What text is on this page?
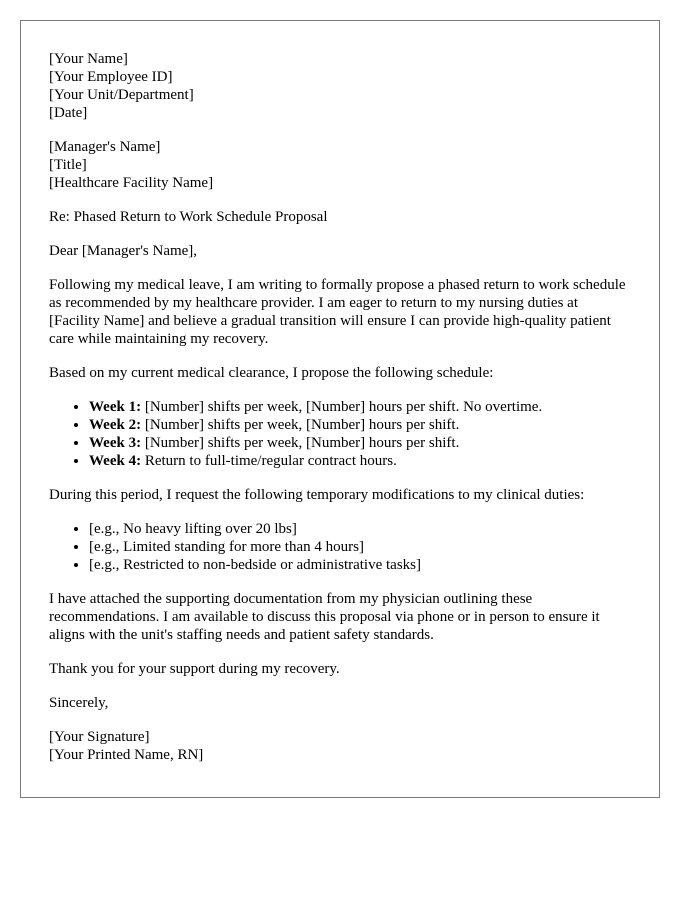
[Your Name]
[Your Employee ID]
[Your Unit/Department]
[Date]
[Manager's Name]
[Title]
[Healthcare Facility Name]

Re: Phased Return to Work Schedule Proposal

Dear [Manager's Name],

Following my medical leave, I am writing to formally propose a phased return to work schedule as recommended by my healthcare provider. I am eager to return to my nursing duties at [Facility Name] and believe a gradual transition will ensure I can provide high-quality patient care while maintaining my recovery.

Based on my current medical clearance, I propose the following schedule:

• Week 1: [Number] shifts per week, [Number] hours per shift. No overtime.
• Week 2: [Number] shifts per week, [Number] hours per shift.
• Week 3: [Number] shifts per week, [Number] hours per shift.
• Week 4: Return to full-time/regular contract hours.

During this period, I request the following temporary modifications to my clinical duties:

• [e.g., No heavy lifting over 20 lbs]
• [e.g., Limited standing for more than 4 hours]
• [e.g., Restricted to non-bedside or administrative tasks]

I have attached the supporting documentation from my physician outlining these recommendations. I am available to discuss this proposal via phone or in person to ensure it aligns with the unit's staffing needs and patient safety standards.

Thank you for your support during my recovery.

Sincerely,

[Your Signature]
[Your Printed Name, RN]
